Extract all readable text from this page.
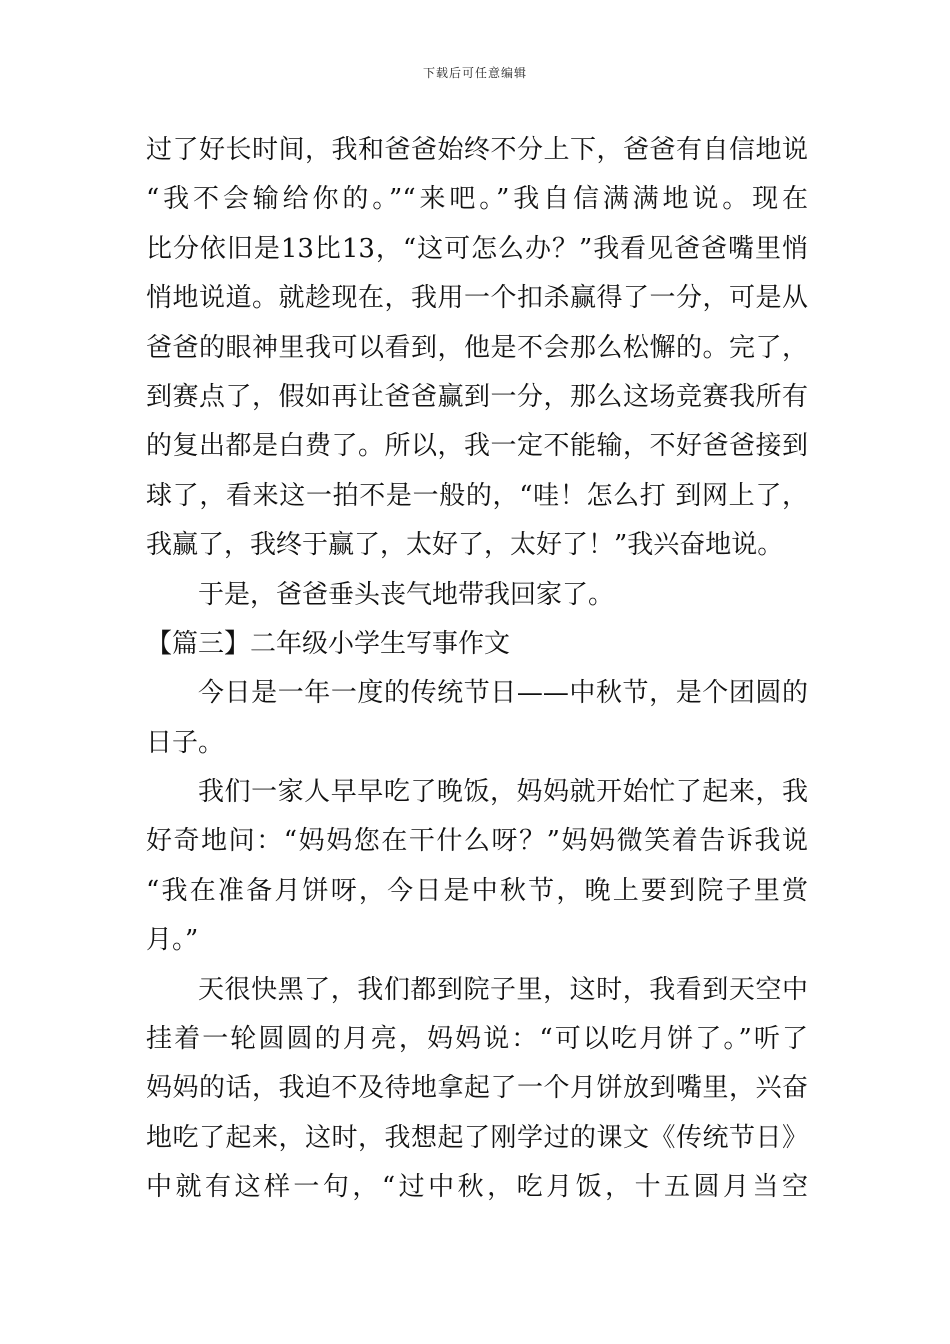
下载后可任意编辑
过了好长时间，我和爸爸始终不分上下，爸爸有自信地说
“我不会输给你的。”“来吧。”我自信满满地说。现在
比分依旧是13比13，“这可怎么办？”我看见爸爸嘴里悄
悄地说道。就趁现在，我用一个扣杀赢得了一分，可是从
爸爸的眼神里我可以看到，他是不会那么松懈的。完了，
到赛点了，假如再让爸爸赢到一分，那么这场竞赛我所有
的复出都是白费了。所以，我一定不能输，不好爸爸接到
球了，看来这一拍不是一般的，“哇！怎么打 到网上了，
我赢了，我终于赢了，太好了，太好了！”我兴奋地说。
于是，爸爸垂头丧气地带我回家了。
【篇三】二年级小学生写事作文
今日是一年一度的传统节日——中秋节，是个团圆的
日子。
我们一家人早早吃了晚饭，妈妈就开始忙了起来，我
好奇地问：“妈妈您在干什么呀？”妈妈微笑着告诉我说
“我在准备月饼呀，今日是中秋节，晚上要到院子里赏
月。”
天很快黑了，我们都到院子里，这时，我看到天空中
挂着一轮圆圆的月亮，妈妈说：“可以吃月饼了。”听了
妈妈的话，我迫不及待地拿起了一个月饼放到嘴里，兴奋
地吃了起来，这时，我想起了刚学过的课文《传统节日》
中就有这样一句，“过中秋，吃月饭，十五圆月当空
